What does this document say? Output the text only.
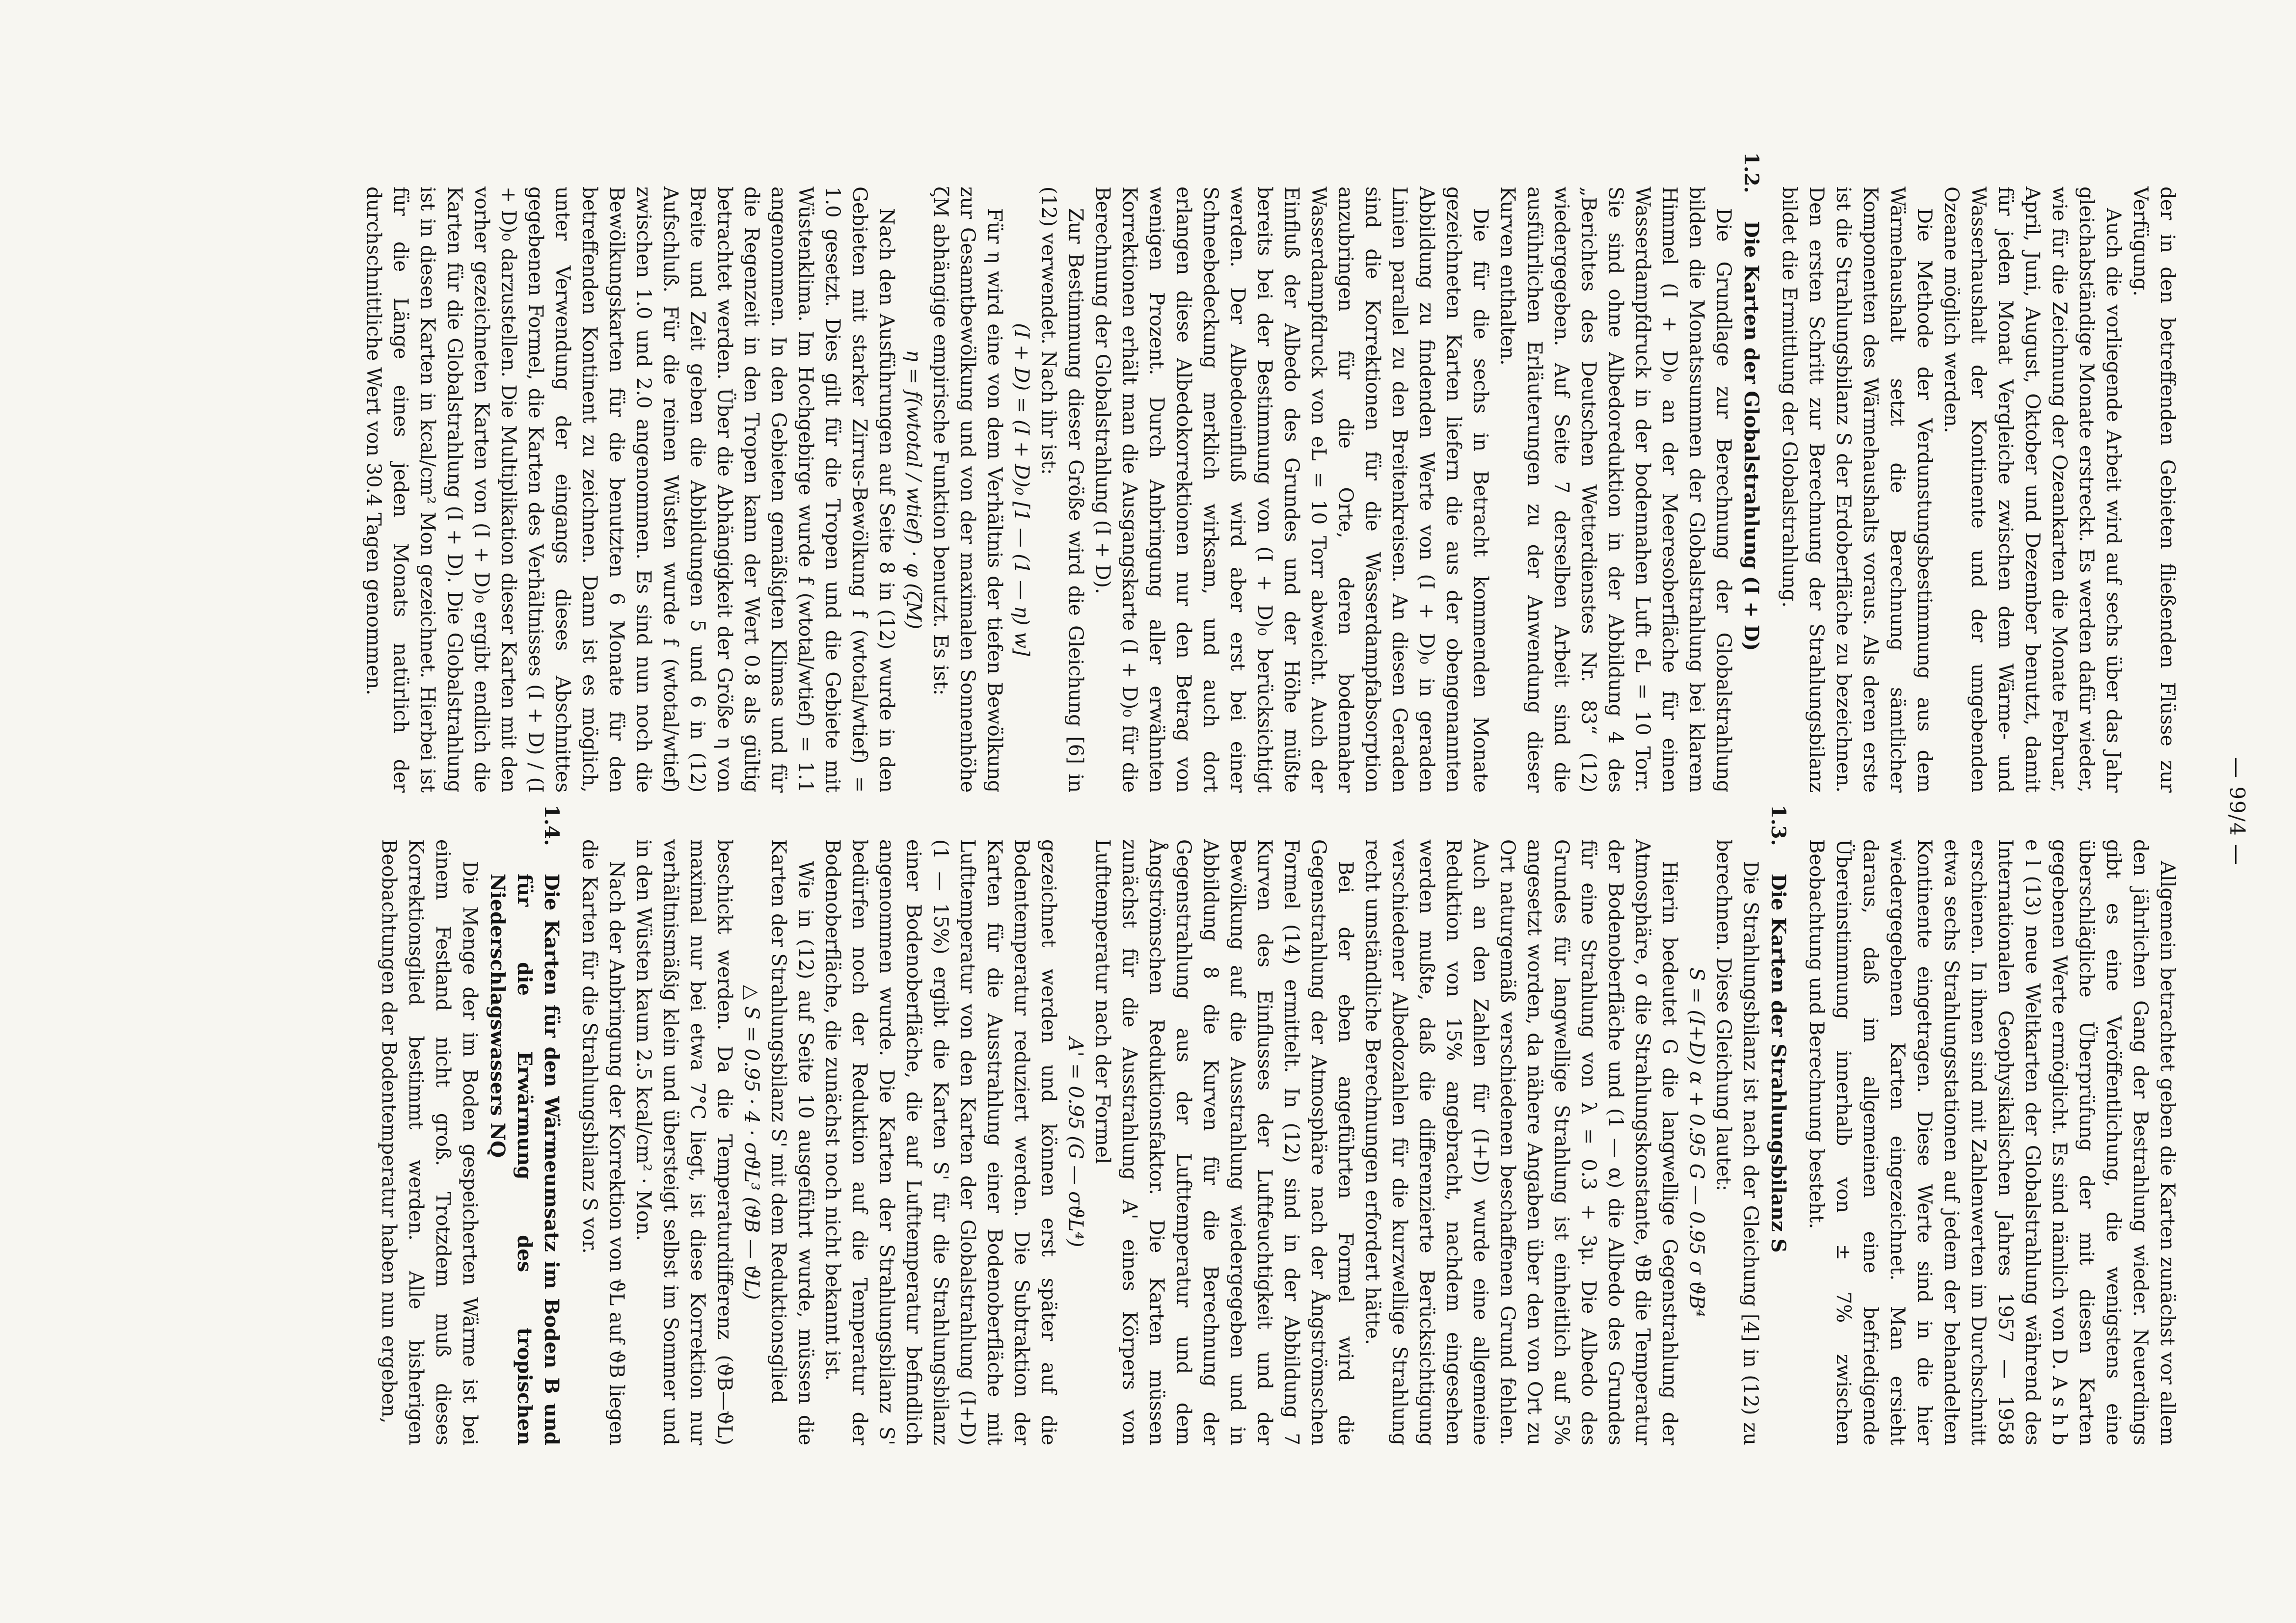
— 99/4 —

der in den betreffenden Gebieten fließenden Flüsse zur Verfügung.

Auch die vorliegende Arbeit wird auf sechs über das Jahr gleichabständige Monate erstreckt. Es werden dafür wieder, wie für die Zeichnung der Ozeankarten die Monate Februar, April, Juni, August, Oktober und Dezember benutzt, damit für jeden Monat Vergleiche zwischen dem Wärme- und Wasserhaushalt der Kontinente und der umgebenden Ozeane möglich werden.

Die Methode der Verdunstungsbestimmung aus dem Wärmehaushalt setzt die Berechnung sämtlicher Komponenten des Wärmehaushalts voraus. Als deren erste ist die Strahlungsbilanz S der Erdoberfläche zu bezeichnen. Den ersten Schritt zur Berechnung der Strahlungsbilanz bildet die Ermittlung der Globalstrahlung.

1.2.Die Karten der Globalstrahlung (I + D)

Die Grundlage zur Berechnung der Globalstrahlung bilden die Monatssummen der Globalstrahlung bei klarem Himmel (I + D)₀ an der Meeresoberfläche für einen Wasserdampfdruck in der bodennahen Luft eL = 10 Torr. Sie sind ohne Albedoreduktion in der Abbildung 4 des „Berichtes des Deutschen Wetterdienstes Nr. 83“ (12) wiedergegeben. Auf Seite 7 derselben Arbeit sind die ausführlichen Erläuterungen zu der Anwendung dieser Kurven enthalten.

Die für die sechs in Betracht kommenden Monate gezeichneten Karten liefern die aus der obengenannten Abbildung zu findenden Werte von (I + D)₀ in geraden Linien parallel zu den Breitenkreisen. An diesen Geraden sind die Korrektionen für die Wasserdampfabsorption anzubringen für die Orte, deren bodennaher Wasserdampfdruck von eL = 10 Torr abweicht. Auch der Einfluß der Albedo des Grundes und der Höhe müßte bereits bei der Bestimmung von (I + D)₀ berücksichtigt werden. Der Albedoeinfluß wird aber erst bei einer Schneebedeckung merklich wirksam, und auch dort erlangen diese Albedokorrektionen nur den Betrag von wenigen Prozent. Durch Anbringung aller erwähnten Korrektionen erhält man die Ausgangskarte (I + D)₀ für die Berechnung der Globalstrahlung (I + D).

Zur Bestimmung dieser Größe wird die Gleichung [6] in (12) verwendet. Nach ihr ist:

(I + D) = (I + D)₀ [1 — (1 — η) w]

Für η wird eine von dem Verhältnis der tiefen Bewölkung zur Gesamtbewölkung und von der maximalen Sonnenhöhe ζM abhängige empirische Funktion benutzt. Es ist:

η = f(wtotal / wtief) · φ (ζM)

Nach den Ausführungen auf Seite 8 in (12) wurde in den Gebieten mit starker Zirrus-Bewölkung f (wtotal/wtief) = 1.0 gesetzt. Dies gilt für die Tropen und die Gebiete mit Wüstenklima. Im Hochgebirge wurde f (wtotal/wtief) = 1.1 angenommen. In den Gebieten gemäßigten Klimas und für die Regenzeit in den Tropen kann der Wert 0.8 als gültig betrachtet werden. Über die Abhängigkeit der Größe η von Breite und Zeit geben die Abbildungen 5 und 6 in (12) Aufschluß. Für die reinen Wüsten wurde f (wtotal/wtief) zwischen 1.0 und 2.0 angenommen. Es sind nun noch die Bewölkungskarten für die benutzten 6 Monate für den betreffenden Kontinent zu zeichnen. Dann ist es möglich, unter Verwendung der eingangs dieses Abschnittes gegebenen Formel, die Karten des Verhältnisses (I + D) / (I + D)₀ darzustellen. Die Multiplikation dieser Karten mit den vorher gezeichneten Karten von (I + D)₀ ergibt endlich die Karten für die Globalstrahlung (I + D). Die Globalstrahlung ist in diesen Karten in kcal/cm² Mon gezeichnet. Hierbei ist für die Länge eines jeden Monats natürlich der durchschnittliche Wert von 30.4 Tagen genommen.

Allgemein betrachtet geben die Karten zunächst vor allem den jährlichen Gang der Bestrahlung wieder. Neuerdings gibt es eine Veröffentlichung, die wenigstens eine überschlägliche Überprüfung der mit diesen Karten gegebenen Werte ermöglicht. Es sind nämlich von D. A s h b e l (13) neue Weltkarten der Globalstrahlung während des Internationalen Geophysikalischen Jahres 1957 — 1958 erschienen. In ihnen sind mit Zahlenwerten im Durchschnitt etwa sechs Strahlungsstationen auf jedem der behandelten Kontinente eingetragen. Diese Werte sind in die hier wiedergegebenen Karten eingezeichnet. Man ersieht daraus, daß im allgemeinen eine befriedigende Übereinstimmung innerhalb von ± 7% zwischen Beobachtung und Berechnung besteht.

1.3.Die Karten der Strahlungsbilanz S

Die Strahlungsbilanz ist nach der Gleichung [4] in (12) zu berechnen. Diese Gleichung lautet:

S = (I+D) α + 0.95 G — 0.95 σ ϑB⁴

Hierin bedeutet G die langwellige Gegenstrahlung der Atmosphäre, σ die Strahlungskonstante, ϑB die Temperatur der Bodenoberfläche und (1 — α) die Albedo des Grundes für eine Strahlung von λ = 0.3 + 3μ. Die Albedo des Grundes für langwellige Strahlung ist einheitlich auf 5% angesetzt worden, da nähere Angaben über den von Ort zu Ort naturgemäß verschiedenen beschaffenen Grund fehlen. Auch an den Zahlen für (I+D) wurde eine allgemeine Reduktion von 15% angebracht, nachdem eingesehen werden mußte, daß die differenzierte Berücksichtigung verschiedener Albedozahlen für die kurzwellige Strahlung recht umständliche Berechnungen erfordert hätte.

Bei der eben angeführten Formel wird die Gegenstrahlung der Atmosphäre nach der Ångströmschen Formel (14) ermittelt. In (12) sind in der Abbildung 7 Kurven des Einflusses der Luftfeuchtigkeit und der Bewölkung auf die Ausstrahlung wiedergegeben und in Abbildung 8 die Kurven für die Berechnung der Gegenstrahlung aus der Lufttemperatur und dem Ångströmschen Reduktionsfaktor. Die Karten müssen zunächst für die Ausstrahlung A' eines Körpers von Lufttemperatur nach der Formel

A' = 0.95 (G — σϑL⁴)

gezeichnet werden und können erst später auf die Bodentemperatur reduziert werden. Die Subtraktion der Karten für die Ausstrahlung einer Bodenoberfläche mit Lufttemperatur von den Karten der Globalstrahlung (I+D) (1 — 15%) ergibt die Karten S' für die Strahlungsbilanz einer Bodenoberfläche, die auf Lufttemperatur befindlich angenommen wurde. Die Karten der Strahlungsbilanz S' bedürfen noch der Reduktion auf die Temperatur der Bodenoberfläche, die zunächst noch nicht bekannt ist.

Wie in (12) auf Seite 10 ausgeführt wurde, müssen die Karten der Strahlungsbilanz S' mit dem Reduktionsglied

△ S = 0.95 · 4 · σϑL³ (ϑB — ϑL)

beschickt werden. Da die Temperaturdifferenz (ϑB—ϑL) maximal nur bei etwa 7°C liegt, ist diese Korrektion nur verhältnismäßig klein und übersteigt selbst im Sommer und in den Wüsten kaum 2.5 kcal/cm² · Mon.

Nach der Anbringung der Korrektion von ϑL auf ϑB liegen die Karten für die Strahlungsbilanz S vor.

1.4.Die Karten für den Wärmeumsatz im Boden B und für die Erwärmung des tropischen Niederschlagswassers NQ

Die Menge der im Boden gespeicherten Wärme ist bei einem Festland nicht groß. Trotzdem muß dieses Korrektionsglied bestimmt werden. Alle bisherigen Beobachtungen der Bodentemperatur haben nun ergeben,
